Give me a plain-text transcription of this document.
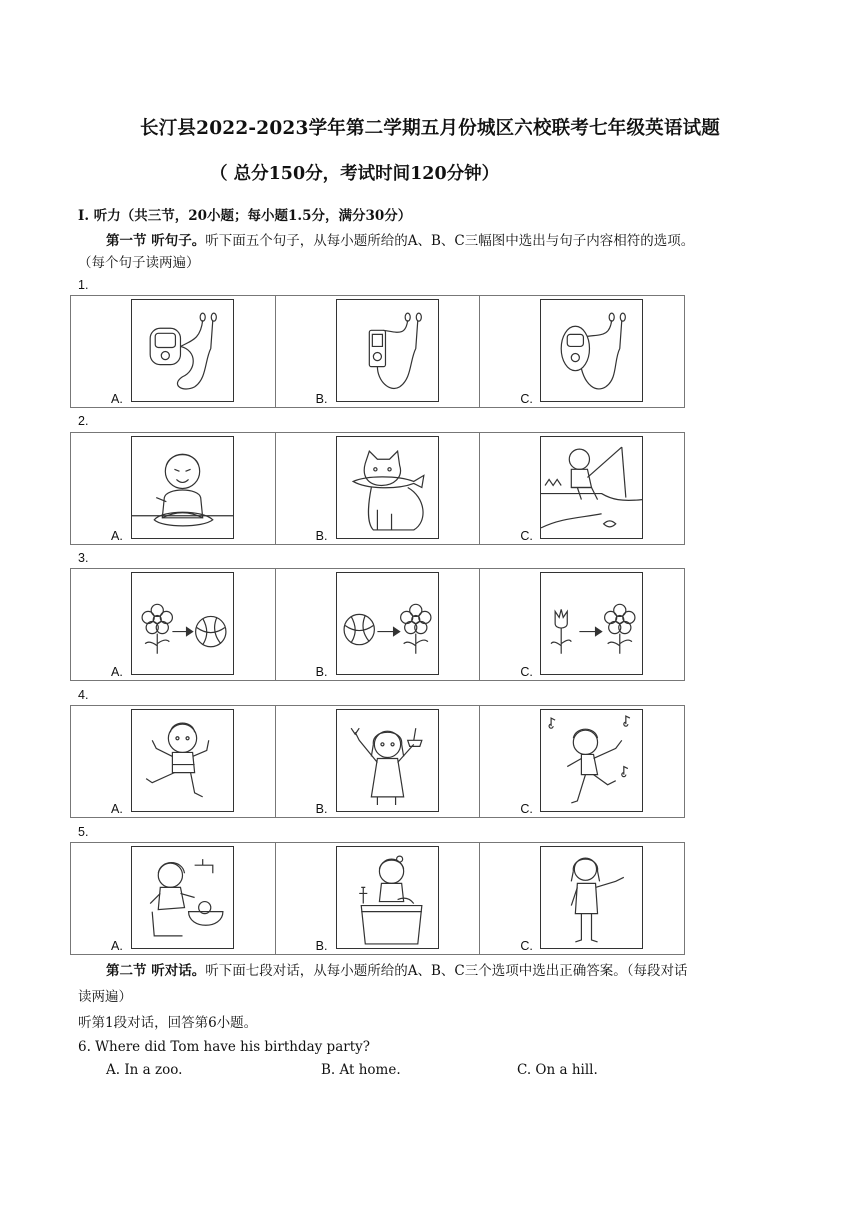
长汀县2022-2023学年第二学期五月份城区六校联考七年级英语试题
（ 总分150分，考试时间120分钟）
I. 听力（共三节，20小题；每小题1.5分，满分30分）
第一节 听句子。听下面五个句子，从每小题所给的A、B、C三幅图中选出与句子内容相符的选项。
（每个句子读两遍）
1.
A.	B.	C.
2.
A.	B.	C.
3.
A.	B.	C.
4.
A.	B.	C.
5.
A.	B.	C.
第二节 听对话。听下面七段对话，从每小题所给的A、B、C三个选项中选出正确答案。（每段对话
读两遍）
听第1段对话，回答第6小题。
6. Where did Tom have his birthday party?
A. In a zoo.	B. At home.	C. On a hill.
